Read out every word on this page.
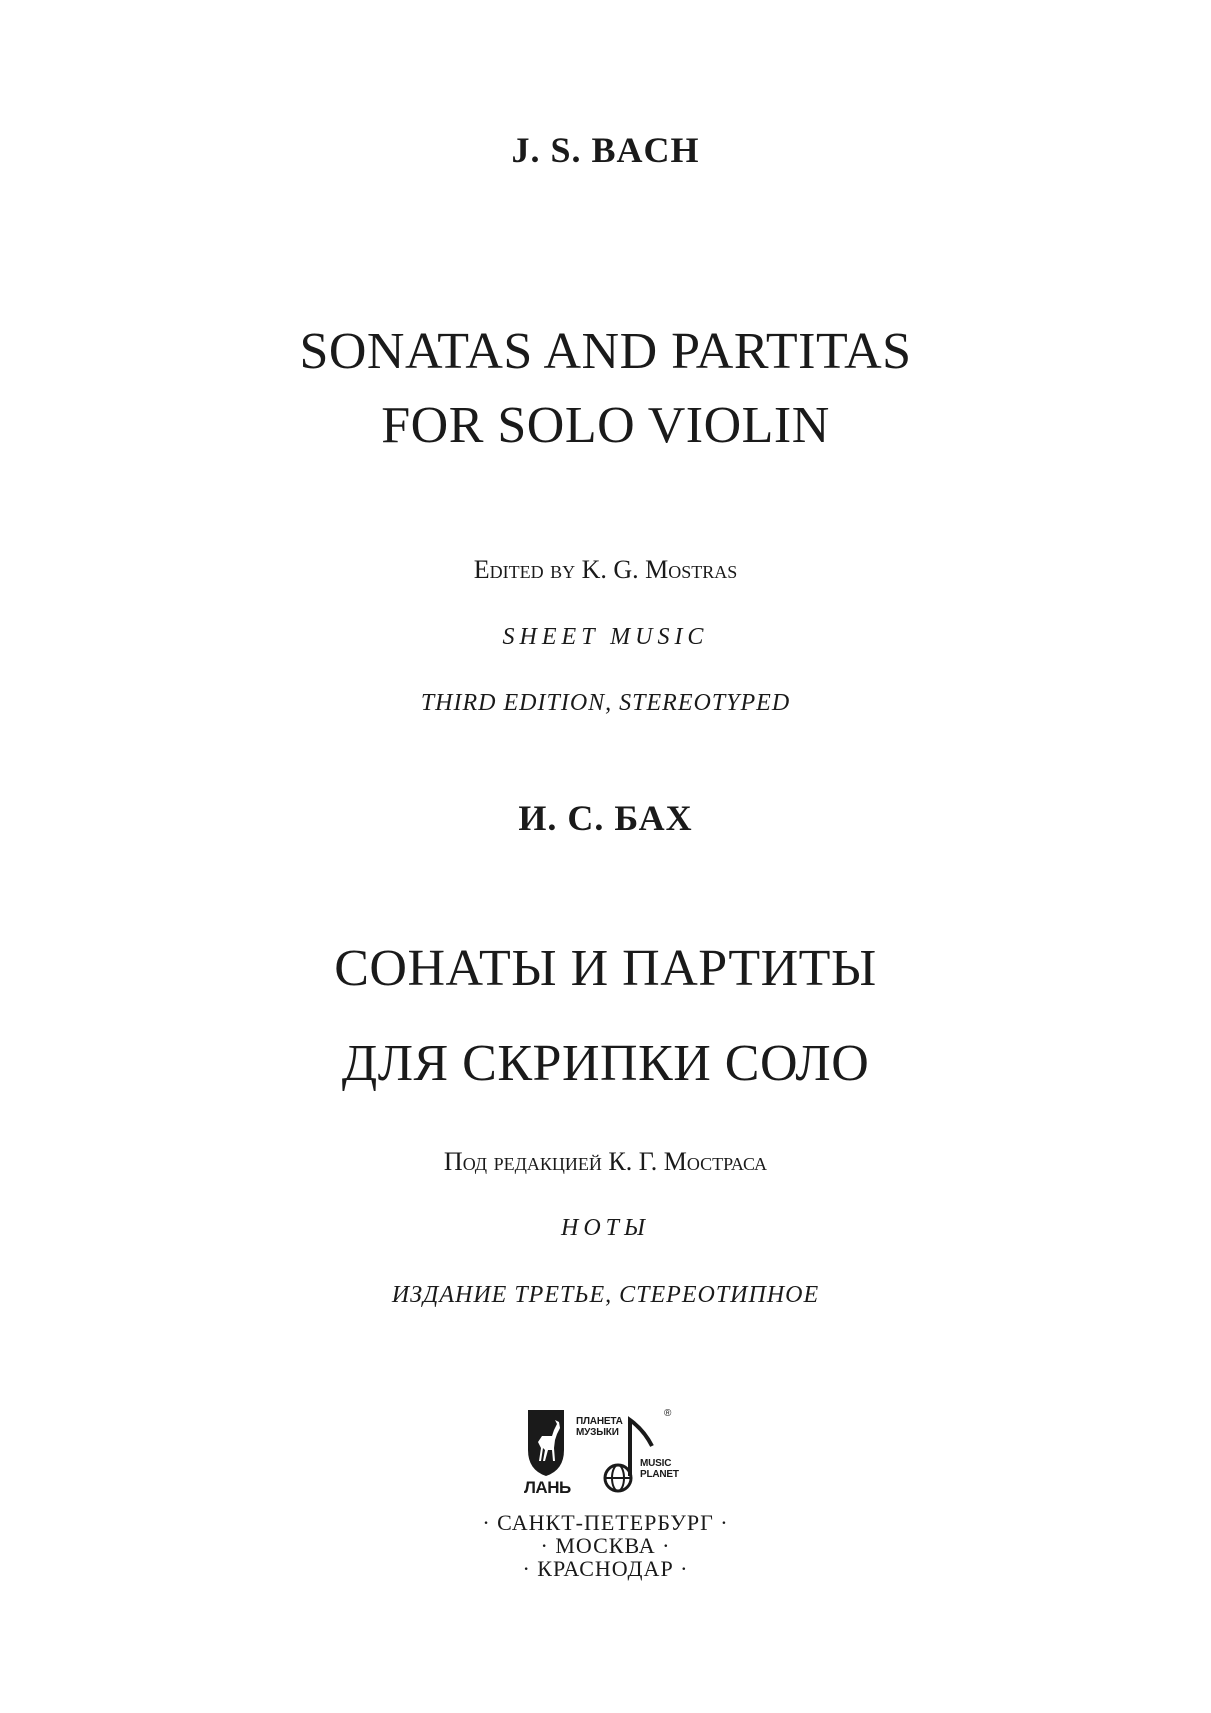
J. S. BACH
SONATAS AND PARTITAS
FOR SOLO VIOLIN
Edited by K. G. Mostras
SHEET MUSIC
THIRD EDITION, STEREOTYPED
И. С. БАХ
СОНАТЫ И ПАРТИТЫ
ДЛЯ СКРИПКИ СОЛО
Под редакцией К. Г. Мостраса
НОТЫ
ИЗДАНИЕ ТРЕТЬЕ, СТЕРЕОТИПНОЕ
ЛАНЬ
ПЛАНЕТА МУЗЫКИ
®
MUSIC PLANET
· САНКТ-ПЕТЕРБУРГ ·
· МОСКВА ·
· КРАСНОДАР ·
